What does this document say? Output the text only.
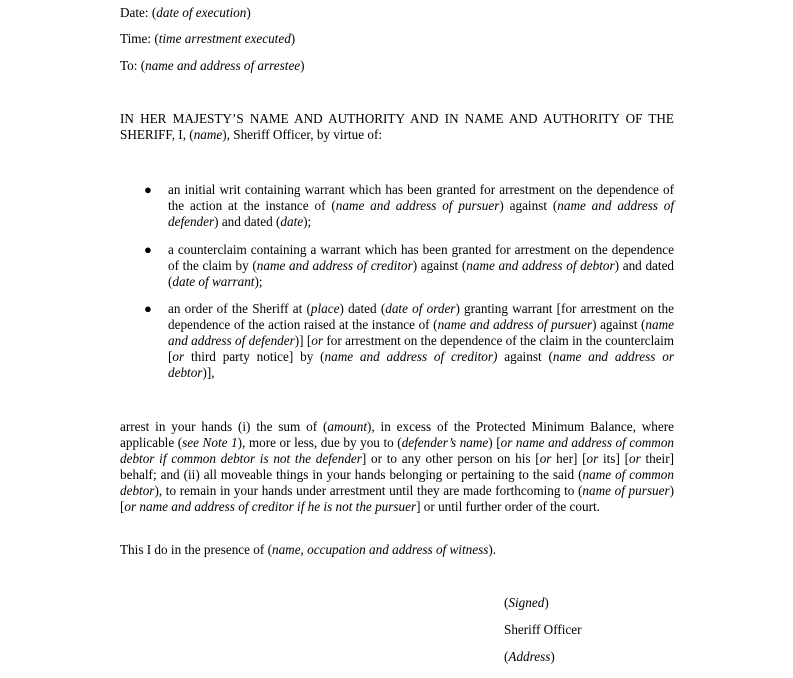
Date: (date of execution)
Time: (time arrestment executed)
To: (name and address of arrestee)
IN HER MAJESTY’S NAME AND AUTHORITY AND IN NAME AND AUTHORITY OF THE SHERIFF, I, (name), Sheriff Officer, by virtue of:
● an initial writ containing warrant which has been granted for arrestment on the dependence of the action at the instance of (name and address of pursuer) against (name and address of defender) and dated (date);
● a counterclaim containing a warrant which has been granted for arrestment on the dependence of the claim by (name and address of creditor) against (name and address of debtor) and dated (date of warrant);
● an order of the Sheriff at (place) dated (date of order) granting warrant [for arrestment on the dependence of the action raised at the instance of (name and address of pursuer) against (name and address of defender)] [or for arrestment on the dependence of the claim in the counterclaim [or third party notice] by (name and address of creditor) against (name and address or debtor)],
arrest in your hands (i) the sum of (amount), in excess of the Protected Minimum Balance, where applicable (see Note 1), more or less, due by you to (defender’s name) [or name and address of common debtor if common debtor is not the defender] or to any other person on his [or her] [or its] [or their] behalf; and (ii) all moveable things in your hands belonging or pertaining to the said (name of common debtor), to remain in your hands under arrestment until they are made forthcoming to (name of pursuer) [or name and address of creditor if he is not the pursuer] or until further order of the court.
This I do in the presence of (name, occupation and address of witness).
(Signed)
Sheriff Officer
(Address)
